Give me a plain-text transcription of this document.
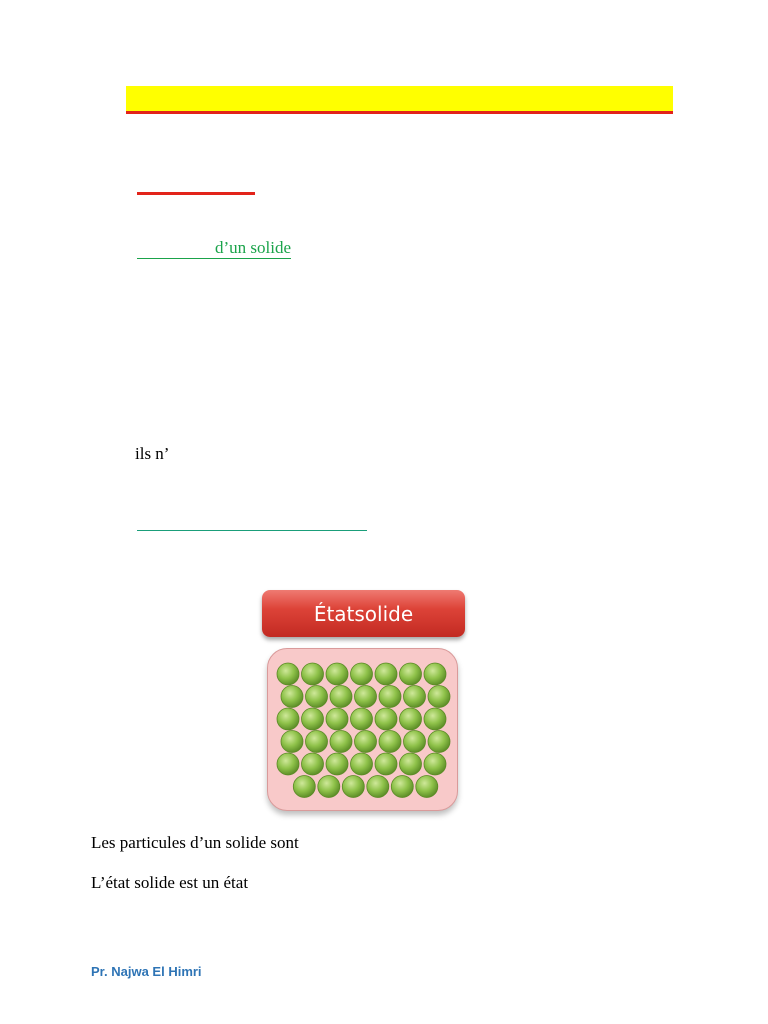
d’un solide
ils n’
Étatsolide
Les particules d’un solide sont
L’état solide est un état
Pr. Najwa El Himri
